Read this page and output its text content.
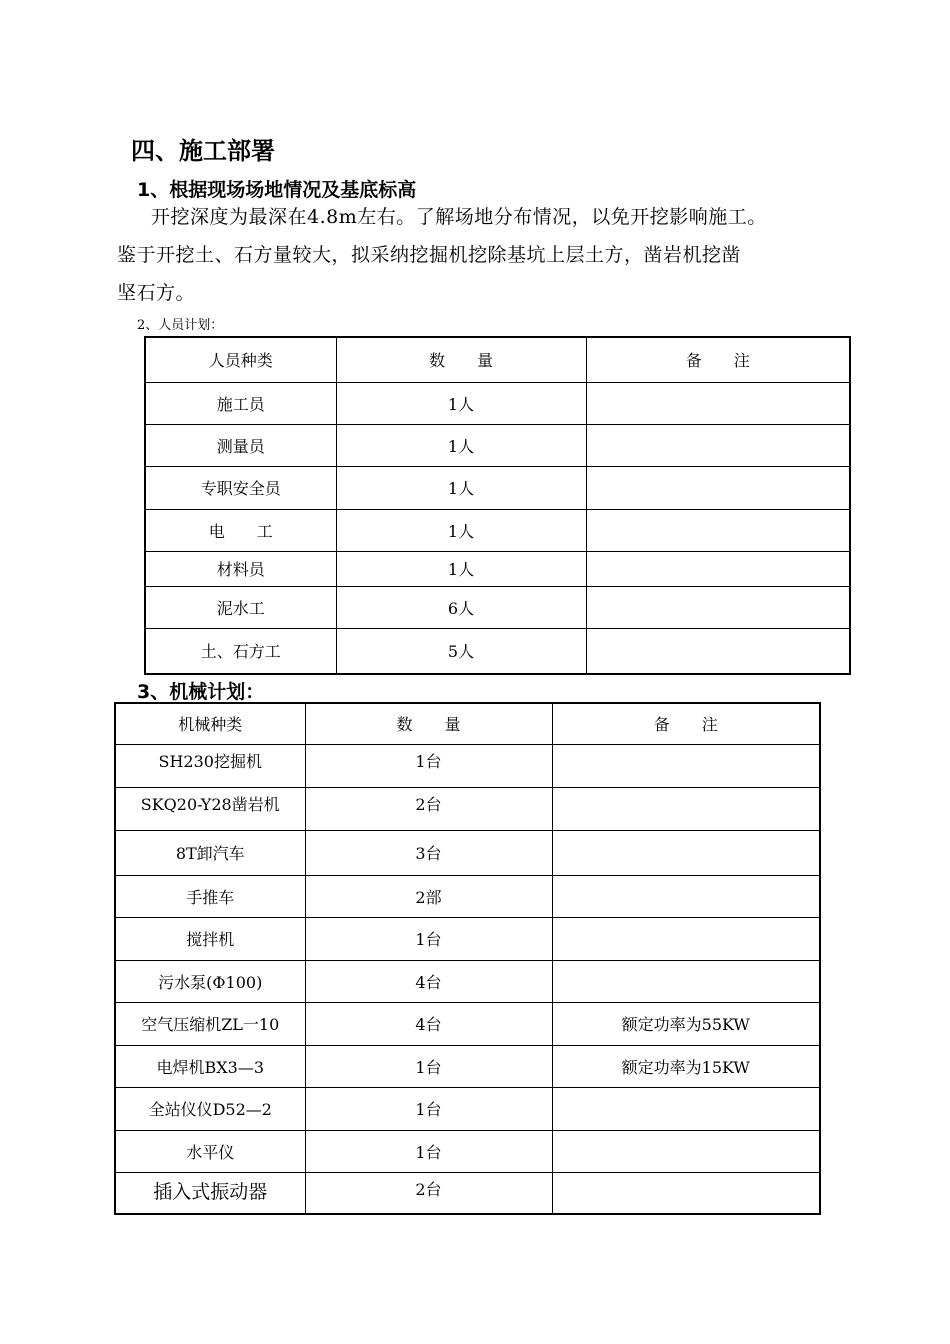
四、施工部署
1、根据现场场地情况及基底标高
开挖深度为最深在4.8m左右。了解场地分布情况，以免开挖影响施工。
鉴于开挖土、石方量较大，拟采纳挖掘机挖除基坑上层土方，凿岩机挖凿
坚石方。
2、人员计划：
人员种类	数　　量	备　　注
施工员	1人	
测量员	1人	
专职安全员	1人	
电　　工	1人	
材料员	1人	
泥水工	6人	
土、石方工	5人	
3、机械计划：
机械种类	数　　量	备　　注
SH230挖掘机	1台	
SKQ20-Y28凿岩机	2台	
8T卸汽车	3台	
手推车	2部	
搅拌机	1台	
污水泵(Φ100)	4台	
空气压缩机ZL一10	4台	额定功率为55KW
电焊机BX3—3	1台	额定功率为15KW
全站仪仪D52—2	1台	
水平仪	1台	
插入式振动器	2台	
